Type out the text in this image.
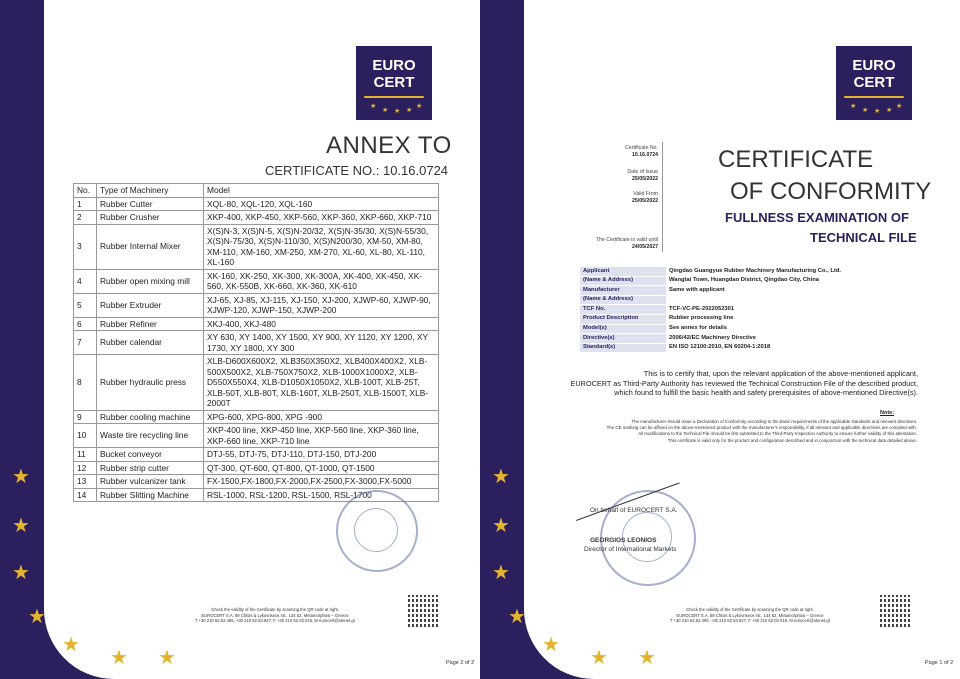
★
★
★
★
★
★ ★
EURO
CERT
★
★ ★ ★
★
ANNEX TO
CERTIFICATE NO.: 10.16.0724
No.	Type of Machinery	Model
1	Rubber Cutter	XQL-80, XQL-120, XQL-160
2	Rubber Crusher	XKP-400, XKP-450, XKP-560, XKP-360, XKP-660, XKP-710
3	Rubber Internal Mixer	X(S)N-3, X(S)N-5, X(S)N-20/32, X(S)N-35/30, X(S)N-55/30, X(S)N-75/30, X(S)N-110/30, X(S)N200/30, XM-50, XM-80, XM-110, XM-160, XM-250, XM-270, XL-60, XL-80, XL-110, XL-160
4	Rubber open mixing mill	XK-160, XK-250, XK-300, XK-300A, XK-400, XK-450, XK-560, XK-550B, XK-660, XK-360, XK-610
5	Rubber Extruder	XJ-65, XJ-85, XJ-115, XJ-150, XJ-200, XJWP-60, XJWP-90, XJWP-120, XJWP-150, XJWP-200
6	Rubber Refiner	XKJ-400, XKJ-480
7	Rubber calendar	XY 630, XY 1400, XY 1500, XY 900, XY 1120, XY 1200, XY 1730, XY 1800, XY 300
8	Rubber hydraulic press	XLB-D600X600X2, XLB350X350X2, XLB400X400X2, XLB-500X500X2, XLB-750X750X2, XLB-1000X1000X2, XLB-D550X550X4, XLB-D1050X1050X2, XLB-100T, XLB-25T, XLB-50T, XLB-80T, XLB-160T, XLB-250T, XLB-1500T, XLB-2000T
9	Rubber cooling machine	XPG-600, XPG-800, XPG -900
10	Waste tire recycling line	XKP-400 line, XKP-450 line, XKP-560 line, XKP-360 line, XKP-660 line, XKP-710 line
11	Bucket conveyor	DTJ-55, DTJ-75, DTJ-110, DTJ-150, DTJ-200
12	Rubber strip cutter	QT-300, QT-600, QT-800, QT-1000, QT-1500
13	Rubber vulcanizer tank	FX-1500,FX-1800,FX-2000,FX-2500,FX-3000,FX-5000
14	Rubber Slitting Machine	RSL-1000, RSL-1200, RSL-1500, RSL-1700
Check the validity of the Certificate by scanning the QR code at right.
EUROCERT S.A. 89 Chlois & Lykovriseos str., 144 52, Metamorphosi – Greece
T +30 210 62.52.495, +30 210 62.53.927, F +30 210 62.03.018, M eurocert@otenet.gr
Page 2 of 2
★
★
★
★
★
★ ★
EURO
CERT
★
★ ★ ★
★
Certificate No.
10.16.0724
Date of Issue
25/05/2022
Valid From
25/05/2022
The Certificate is valid until
24/05/2027
CERTIFICATE
OF CONFORMITY
FULLNESS EXAMINATION OF
TECHNICAL FILE
Applicant	Qingdao Guangyue Rubber Machinery Manufacturing Co., Ltd.
(Name & Address)	Wangtai Town, Huangdao District, Qingdao City, China
Manufacturer	Same with applicant
(Name & Address)	
TCF No.	TCF-VC-PE-2022052301
Product Description	Rubber processing line
Model(s)	See annex for details
Directive(s)	2006/42/EC Machinery Directive
Standard(s)	EN ISO 12100:2010, EN 60204-1:2018
This is to certify that, upon the relevant application of the above-mentioned applicant,
EUROCERT as Third-Party Authority has reviewed the Technical Construction File of the described product,
which found to fulfill the basic health and safety prerequisites of above-mentioned Directive(s).
Note:
The manufacturer should issue a Declaration of Conformity according to the basic requirements of the applicable standards and relevant directives.
The CE marking can be affixed on the above-mentioned product with the manufacturer's responsibility, if all relevant and applicable directives are complied with.
All modifications to the Technical File should be first submitted to the Third-Party Inspection Authority to ensure further validity of this attestation.
This certificate is valid only for the product and configuration described and in conjunction with the technical data detailed above.
On behalf of EUROCERT S.A.
GEORGIOS LEONIOS
Director of International Markets
Check the validity of the Certificate by scanning the QR code at right.
EUROCERT S.A. 89 Chlois & Lykovriseos str., 144 52, Metamorphosi – Greece
T +30 210 62.52.495, +30 210 62.53.927, F +30 210 62.03.018, M eurocert@otenet.gr
Page 1 of 2
